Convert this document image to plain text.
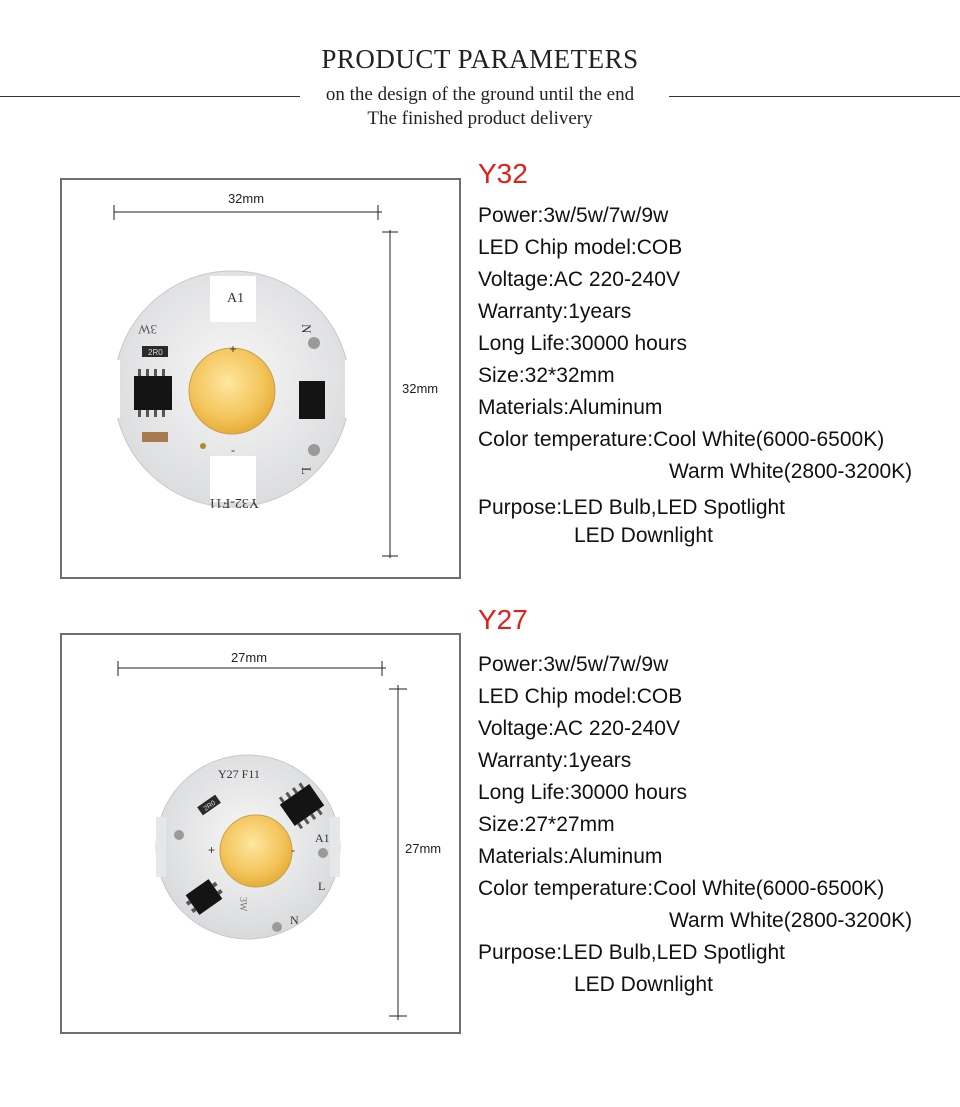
PRODUCT PARAMETERS
on the design of the ground until the end
The finished product delivery
32mm
32mm
A1
+
-
2R0
3W	N
L
Y32-F11
Y32
Power:3w/5w/7w/9w
LED Chip model:COB
Voltage:AC 220-240V
Warranty:1years
Long Life:30000 hours
Size:32*32mm
Materials:Aluminum
Color temperature:Cool White(6000-6500K)
Warm White(2800-3200K)
Purpose:LED Bulb,LED Spotlight
LED Downlight
27mm
27mm
2R0
Y27 F11
A1
L
N
+	-
3W
Y27
Power:3w/5w/7w/9w
LED Chip model:COB
Voltage:AC 220-240V
Warranty:1years
Long Life:30000 hours
Size:27*27mm
Materials:Aluminum
Color temperature:Cool White(6000-6500K)
Warm White(2800-3200K)
Purpose:LED Bulb,LED Spotlight
LED Downlight
